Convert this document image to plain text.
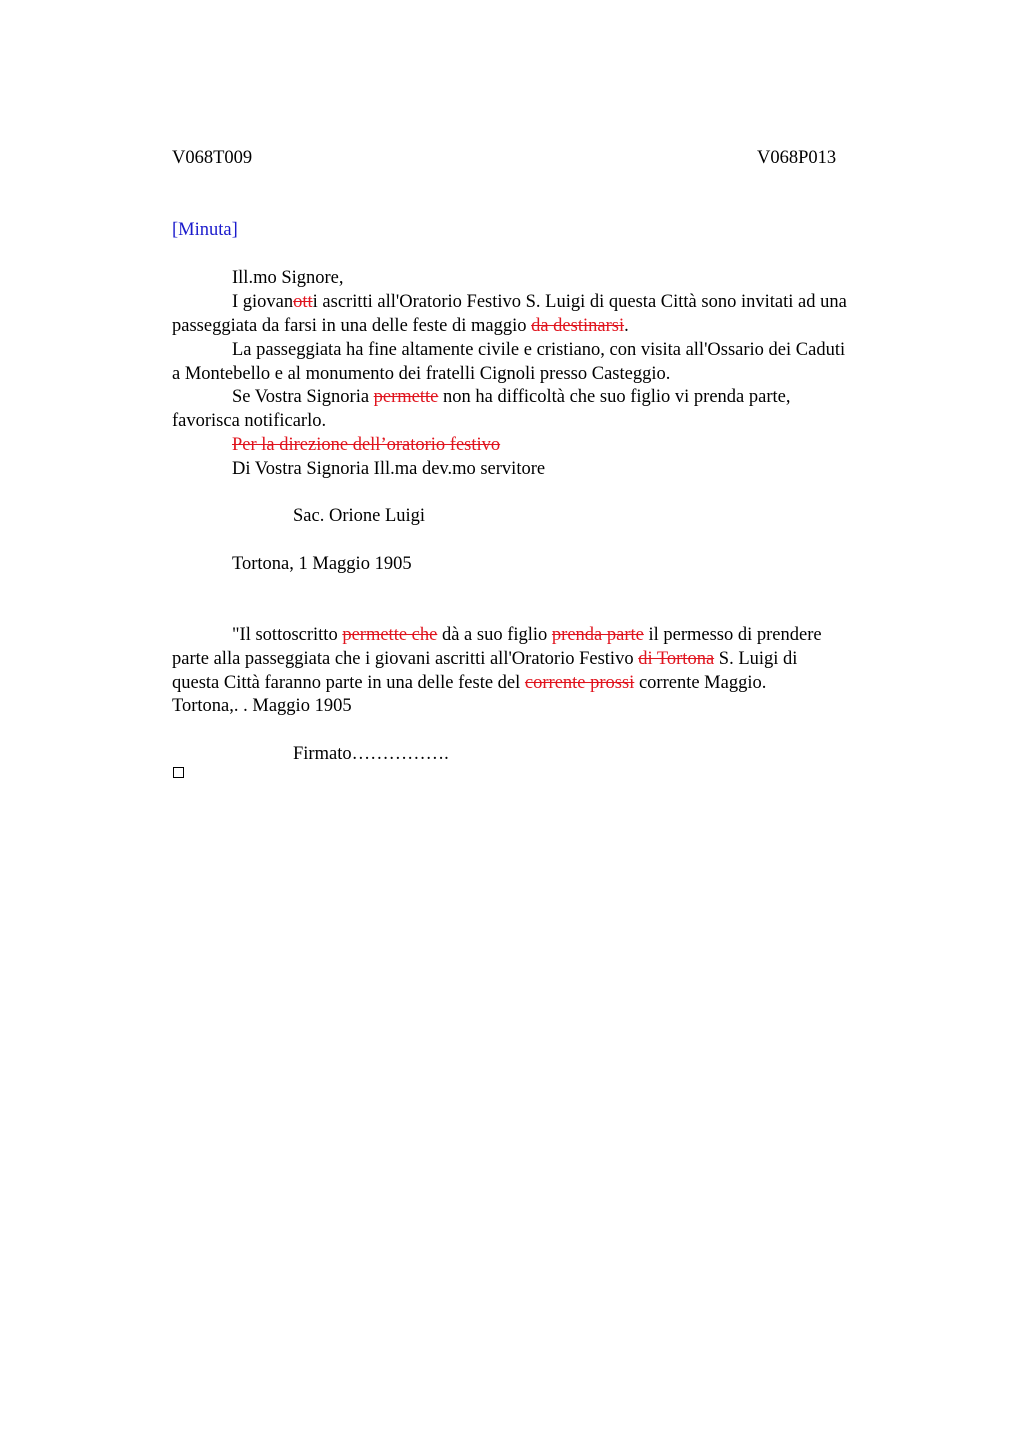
V068T009	V068P013
[Minuta]
Ill.mo Signore,
I giovanotti ascritti all'Oratorio Festivo S. Luigi di questa Città sono invitati ad una
passeggiata da farsi in una delle feste di maggio da destinarsi.
La passeggiata ha fine altamente civile e cristiano, con visita all'Ossario dei Caduti
a Montebello e al monumento dei fratelli Cignoli presso Casteggio.
Se Vostra Signoria permette non ha difficoltà che suo figlio vi prenda parte,
favorisca notificarlo.
Per la direzione dell’oratorio festivo
Di Vostra Signoria Ill.ma dev.mo servitore
Sac. Orione Luigi
Tortona, 1 Maggio 1905
"Il sottoscritto permette che dà a suo figlio prenda parte il permesso di prendere
parte alla passeggiata che i giovani ascritti all'Oratorio Festivo di Tortona S. Luigi di
questa Città faranno parte in una delle feste del corrente prossi corrente Maggio.
Tortona,. . Maggio 1905
Firmato…………….
